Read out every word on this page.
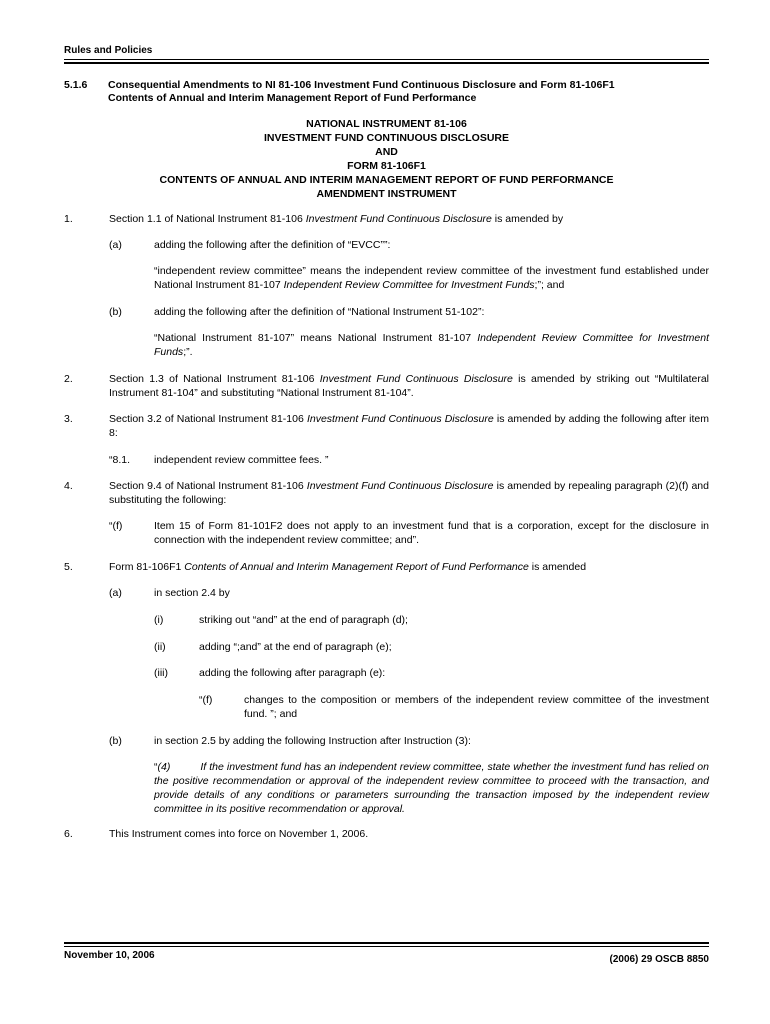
Rules and Policies
5.1.6 Consequential Amendments to NI 81-106 Investment Fund Continuous Disclosure and Form 81-106F1
Contents of Annual and Interim Management Report of Fund Performance
NATIONAL INSTRUMENT 81-106
INVESTMENT FUND CONTINUOUS DISCLOSURE
AND
FORM 81-106F1
CONTENTS OF ANNUAL AND INTERIM MANAGEMENT REPORT OF FUND PERFORMANCE
AMENDMENT INSTRUMENT
1.	Section 1.1 of National Instrument 81-106 Investment Fund Continuous Disclosure is amended by
(a)	adding the following after the definition of “EVCC””:
“independent review committee” means the independent review committee of the investment fund established under National Instrument 81-107 Independent Review Committee for Investment Funds;”; and
(b)	adding the following after the definition of “National Instrument 51-102”:
“National Instrument 81-107” means National Instrument 81-107 Independent Review Committee for Investment Funds;”.
2.	Section 1.3 of National Instrument 81-106 Investment Fund Continuous Disclosure is amended by striking out “Multilateral Instrument 81-104” and substituting “National Instrument 81-104”.
3.	Section 3.2 of National Instrument 81-106 Investment Fund Continuous Disclosure is amended by adding the following after item 8:
“8.1. independent review committee fees. ”
4.	Section 9.4 of National Instrument 81-106 Investment Fund Continuous Disclosure is amended by repealing paragraph (2)(f) and substituting the following:
“(f)	Item 15 of Form 81-101F2 does not apply to an investment fund that is a corporation, except for the disclosure in connection with the independent review committee; and”.
5.	Form 81-106F1 Contents of Annual and Interim Management Report of Fund Performance is amended
(a)	in section 2.4 by
(i)	striking out “and” at the end of paragraph (d);
(ii)	adding “;and” at the end of paragraph (e);
(iii)	adding the following after paragraph (e):
“(f)	changes to the composition or members of the independent review committee of the investment fund. ”; and
(b)	in section 2.5 by adding the following Instruction after Instruction (3):
“(4)	If the investment fund has an independent review committee, state whether the investment fund has relied on the positive recommendation or approval of the independent review committee to proceed with the transaction, and provide details of any conditions or parameters surrounding the transaction imposed by the independent review committee in its positive recommendation or approval.
6.	This Instrument comes into force on November 1, 2006.
November 10, 2006	(2006) 29 OSCB 8850
